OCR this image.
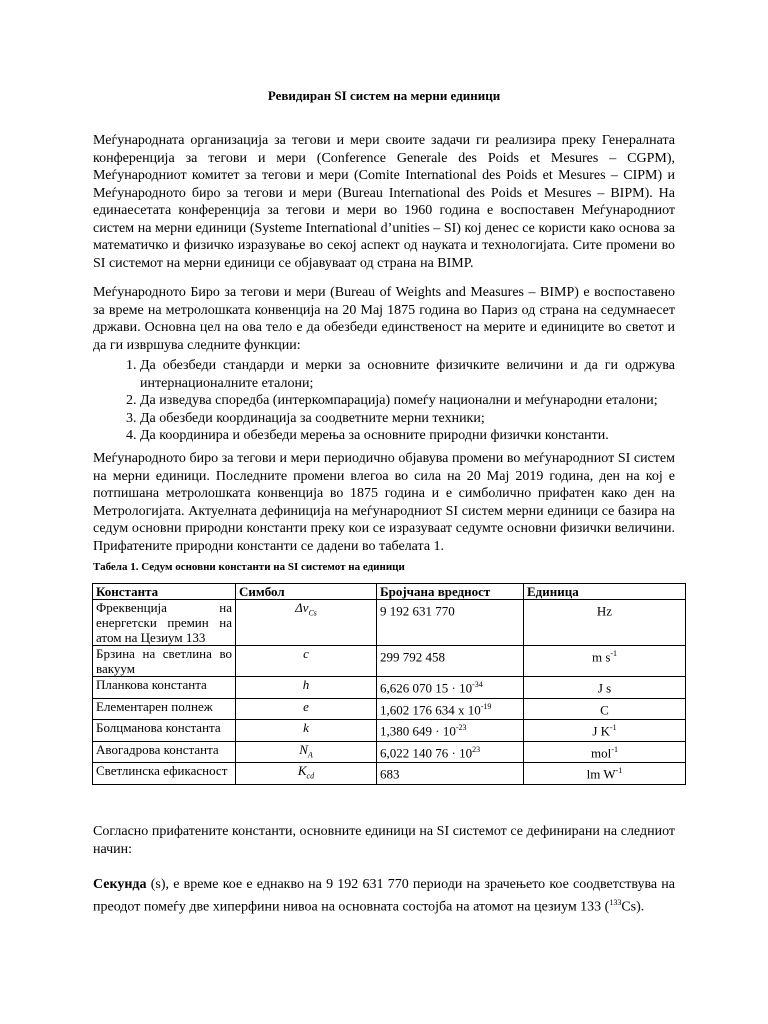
Ревидиран SI систем на мерни единици

Меѓународната организација за тегови и мери своите задачи ги реализира преку Генералната конференција за тегови и мери (Conference Generale des Poids et Mesures – CGPM), Меѓународниот комитет за тегови и мери (Comite International des Poids et Mesures – CIPM) и Меѓународното биро за тегови и мери (Bureau International des Poids et Mesures – BIPM). На единаесетата конференција за тегови и мери во 1960 година е воспоставен Меѓународниот систем на мерни единици (Systeme International d’unities – SI) кој денес се користи како основа за математичко и физичко изразување во секој аспект од науката и технологијата. Сите промени во SI системот на мерни единици се објавуваат од страна на BIMP.

Меѓународното Биро за тегови и мери (Bureau of Weights and Measures – BIMP) е воспоставено за време на метролошката конвенција на 20 Мај 1875 година во Париз од страна на седумнаесет држави. Основна цел на ова тело е да обезбеди единственост на мерите и единиците во светот и да ги извршува следните функции:

1. Да обезбеди стандарди и мерки за основните физичките величини и да ги одржува интернационалните еталони;
2. Да изведува споредба (интеркомпарација) помеѓу национални и меѓународни еталони;
3. Да обезбеди координација за соодветните мерни техники;
4. Да координира и обезбеди мерења за основните природни физички константи.

Меѓународното биро за тегови и мери периодично објавува промени во меѓународниот SI систем на мерни единици. Последните промени влегоа во сила на 20 Мај 2019 година, ден на кој е потпишана метролошката конвенција во 1875 година и е симболично прифатен како ден на Метрологијата. Актуелната дефиниција на меѓународниот SI систем мерни единици се базира на седум основни природни константи преку кои се изразуваат седумте основни физички величини. Прифатените природни константи се дадени во табелата 1.

Табела 1. Седум основни константи на SI системот на единици
Константа	Симбол	Бројчана вредност	Единица
Фреквенција на енергетски премин на атом на Цезиум 133	$\Delta\nu_{Cs}$	9 192 631 770	Hz
Брзина на светлина во вакуум	c	299 792 458	m $s^{-1}$
Планкова константа	h	6,626 070 $15 \cdot 10^{-34}$	J s
Елементарен полнеж	e	1,602 176 634 x $10^{-19}$	C
Болцманова константа	k	1,380 $649 \cdot 10^{-23}$	J $K^{-1}$
Авогадрова константа	$N_A$	6,022 140 $76 \cdot 10^{23}$	mol$^{-1}$
Светлинска ефикасност	$K_{cd}$	683	lm $W^{-1}$

Согласно прифатените константи, основните единици на SI системот се дефинирани на следниот начин:

Секунда (s), е време кое е еднакво на 9 192 631 770 периоди на зрачењето кое соодветствува на преодот помеѓу две хиперфини нивоа на основната состојба на атомот на цезиум 133 ($^{133}$Cs).
